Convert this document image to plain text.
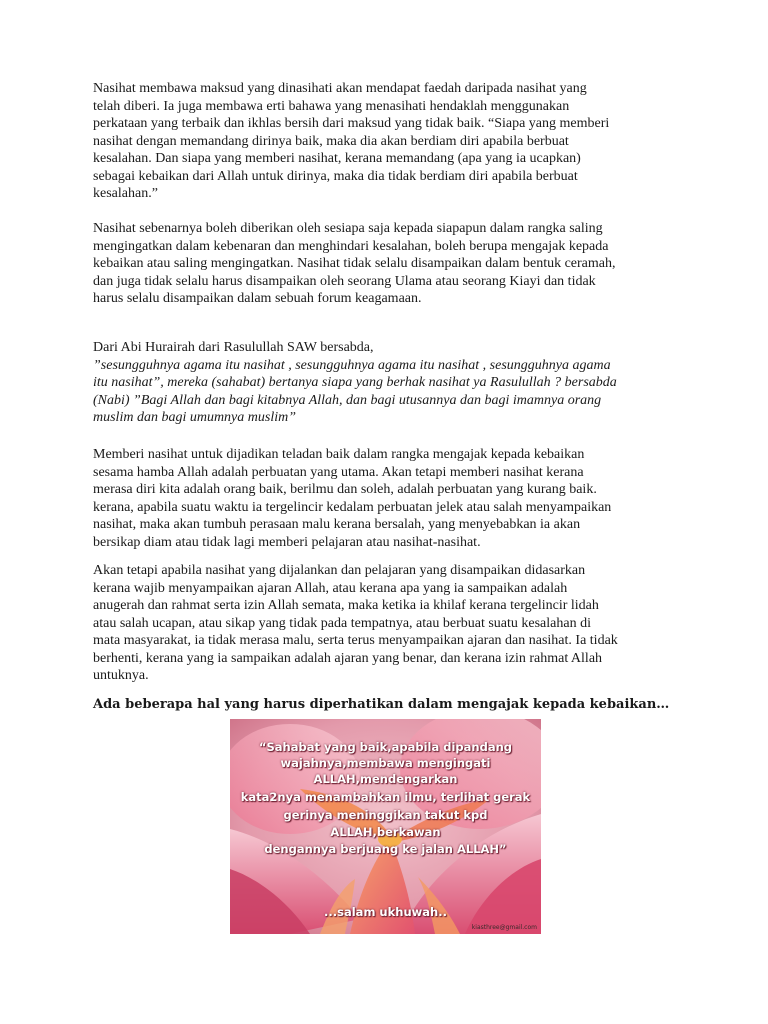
Nasihat membawa maksud yang dinasihati akan mendapat faedah daripada nasihat yang
telah diberi. Ia juga membawa erti bahawa yang menasihati hendaklah menggunakan
perkataan yang terbaik dan ikhlas bersih dari maksud yang tidak baik. “Siapa yang memberi
nasihat dengan memandang dirinya baik, maka dia akan berdiam diri apabila berbuat
kesalahan. Dan siapa yang memberi nasihat, kerana memandang (apa yang ia ucapkan)
sebagai kebaikan dari Allah untuk dirinya, maka dia tidak berdiam diri apabila berbuat
kesalahan.”
Nasihat sebenarnya boleh diberikan oleh sesiapa saja kepada siapapun dalam rangka saling
mengingatkan dalam kebenaran dan menghindari kesalahan, boleh berupa mengajak kepada
kebaikan atau saling mengingatkan. Nasihat tidak selalu disampaikan dalam bentuk ceramah,
dan juga tidak selalu harus disampaikan oleh seorang Ulama atau seorang Kiayi dan tidak
harus selalu disampaikan dalam sebuah forum keagamaan.
Dari Abi Hurairah dari Rasulullah SAW bersabda,
”sesungguhnya agama itu nasihat , sesungguhnya agama itu nasihat , sesungguhnya agama
itu nasihat”, mereka (sahabat) bertanya siapa yang berhak nasihat ya Rasulullah ? bersabda
(Nabi) ”Bagi Allah dan bagi kitabnya Allah, dan bagi utusannya dan bagi imamnya orang
muslim dan bagi umumnya muslim”
Memberi nasihat untuk dijadikan teladan baik dalam rangka mengajak kepada kebaikan
sesama hamba Allah adalah perbuatan yang utama. Akan tetapi memberi nasihat kerana
merasa diri kita adalah orang baik, berilmu dan soleh, adalah perbuatan yang kurang baik.
kerana, apabila suatu waktu ia tergelincir kedalam perbuatan jelek atau salah menyampaikan
nasihat, maka akan tumbuh perasaan malu kerana bersalah, yang menyebabkan ia akan
bersikap diam atau tidak lagi memberi pelajaran atau nasihat-nasihat.
Akan tetapi apabila nasihat yang dijalankan dan pelajaran yang disampaikan didasarkan
kerana wajib menyampaikan ajaran Allah, atau kerana apa yang ia sampaikan adalah
anugerah dan rahmat serta izin Allah semata, maka ketika ia khilaf kerana tergelincir lidah
atau salah ucapan, atau sikap yang tidak pada tempatnya, atau berbuat suatu kesalahan di
mata masyarakat, ia tidak merasa malu, serta terus menyampaikan ajaran dan nasihat. Ia tidak
berhenti, kerana yang ia sampaikan adalah ajaran yang benar, dan kerana izin rahmat Allah
untuknya.
Ada beberapa hal yang harus diperhatikan dalam mengajak kepada kebaikan…
“Sahabat yang baik,apabila dipandang
wajahnya,membawa mengingati
ALLAH,mendengarkan
kata2nya menambahkan ilmu, terlihat gerak
gerinya meninggikan takut kpd
ALLAH,berkawan
dengannya berjuang ke jalan ALLAH”
...salam ukhuwah..
kiasthree@gmail.com
